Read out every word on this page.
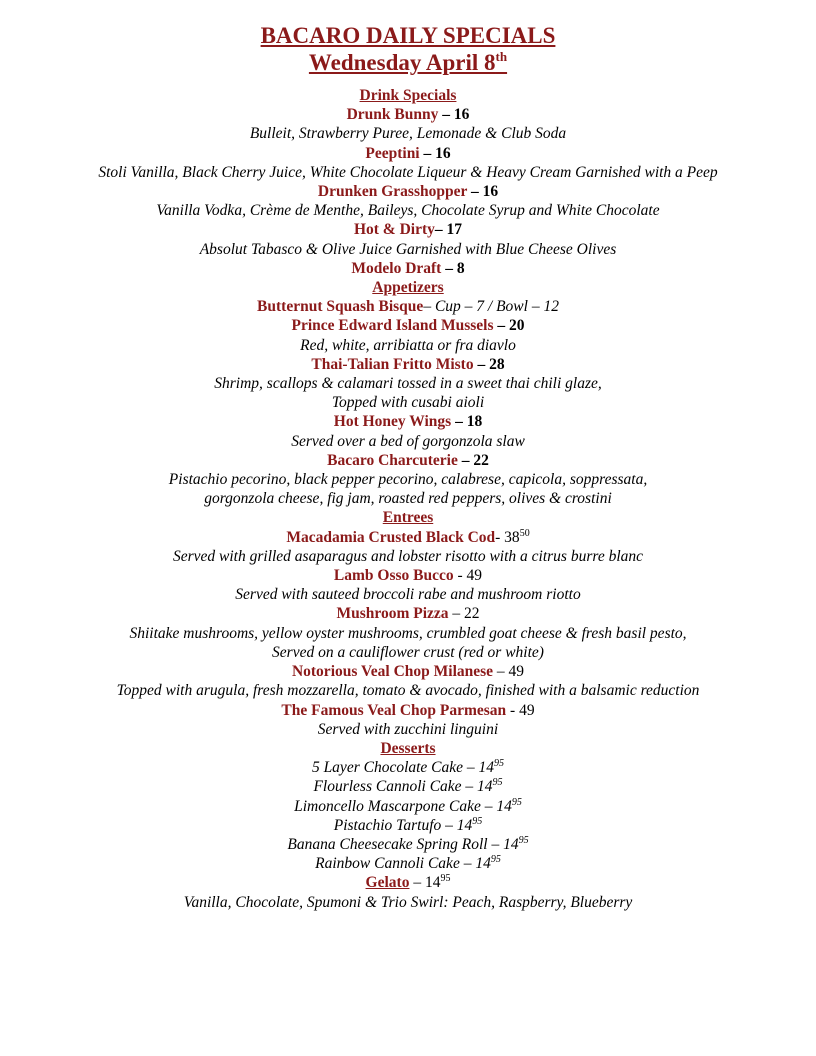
BACARO DAILY SPECIALS
Wednesday April 8th
Drink Specials
Drunk Bunny – 16
Bulleit, Strawberry Puree, Lemonade & Club Soda
Peeptini – 16
Stoli Vanilla, Black Cherry Juice, White Chocolate Liqueur & Heavy Cream Garnished with a Peep
Drunken Grasshopper – 16
Vanilla Vodka, Crème de Menthe, Baileys, Chocolate Syrup and White Chocolate
Hot & Dirty– 17
Absolut Tabasco & Olive Juice Garnished with Blue Cheese Olives
Modelo Draft – 8
Appetizers
Butternut Squash Bisque– Cup – 7 / Bowl – 12
Prince Edward Island Mussels – 20
Red, white, arribiatta or fra diavlo
Thai-Talian Fritto Misto – 28
Shrimp, scallops & calamari tossed in a sweet thai chili glaze,
Topped with cusabi aioli
Hot Honey Wings – 18
Served over a bed of gorgonzola slaw
Bacaro Charcuterie – 22
Pistachio pecorino, black pepper pecorino, calabrese, capicola, soppressata,
gorgonzola cheese, fig jam, roasted red peppers, olives & crostini
Entrees
Macadamia Crusted Black Cod- $38^{50}$
Served with grilled asaparagus and lobster risotto with a citrus burre blanc
Lamb Osso Bucco - 49
Served with sauteed broccoli rabe and mushroom riotto
Mushroom Pizza – 22
Shiitake mushrooms, yellow oyster mushrooms, crumbled goat cheese & fresh basil pesto,
Served on a cauliflower crust (red or white)
Notorious Veal Chop Milanese – 49
Topped with arugula, fresh mozzarella, tomato & avocado, finished with a balsamic reduction
The Famous Veal Chop Parmesan - 49
Served with zucchini linguini
Desserts
5 Layer Chocolate Cake – $14^{95}$
Flourless Cannoli Cake – $14^{95}$
Limoncello Mascarpone Cake – $14^{95}$
Pistachio Tartufo – $14^{95}$
Banana Cheesecake Spring Roll – $14^{95}$
Rainbow Cannoli Cake – $14^{95}$
Gelato – $14^{95}$
Vanilla, Chocolate, Spumoni & Trio Swirl: Peach, Raspberry, Blueberry
